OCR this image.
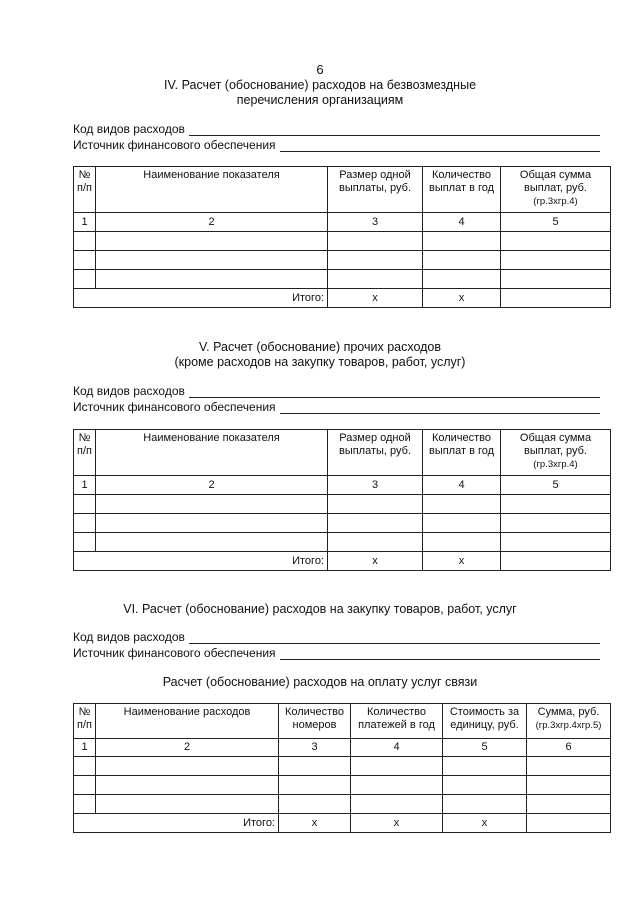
6
IV. Расчет (обоснование) расходов на безвозмездные
перечисления организациям
Код видов расходов
Источник финансового обеспечения
№ п/п	Наименование показателя	Размер одной выплаты, руб.	Количество выплат в год	Общая сумма выплат, руб.
(гр.3хгр.4)
1	2	3	4	5

Итого:		x	x	
V. Расчет (обоснование) прочих расходов
(кроме расходов на закупку товаров, работ, услуг)
Код видов расходов
Источник финансового обеспечения
№ п/п	Наименование показателя	Размер одной выплаты, руб.	Количество выплат в год	Общая сумма выплат, руб.
(гр.3хгр.4)
1	2	3	4	5

Итого:		x	x	
VI. Расчет (обоснование) расходов на закупку товаров, работ, услуг
Код видов расходов
Источник финансового обеспечения
Расчет (обоснование) расходов на оплату услуг связи
№ п/п	Наименование расходов	Количество номеров	Количество платежей в год	Стоимость за единицу, руб.	Сумма, руб.
(гр.3хгр.4хгр.5)
1	2	3	4	5	6

Итого:		x	x	x	
